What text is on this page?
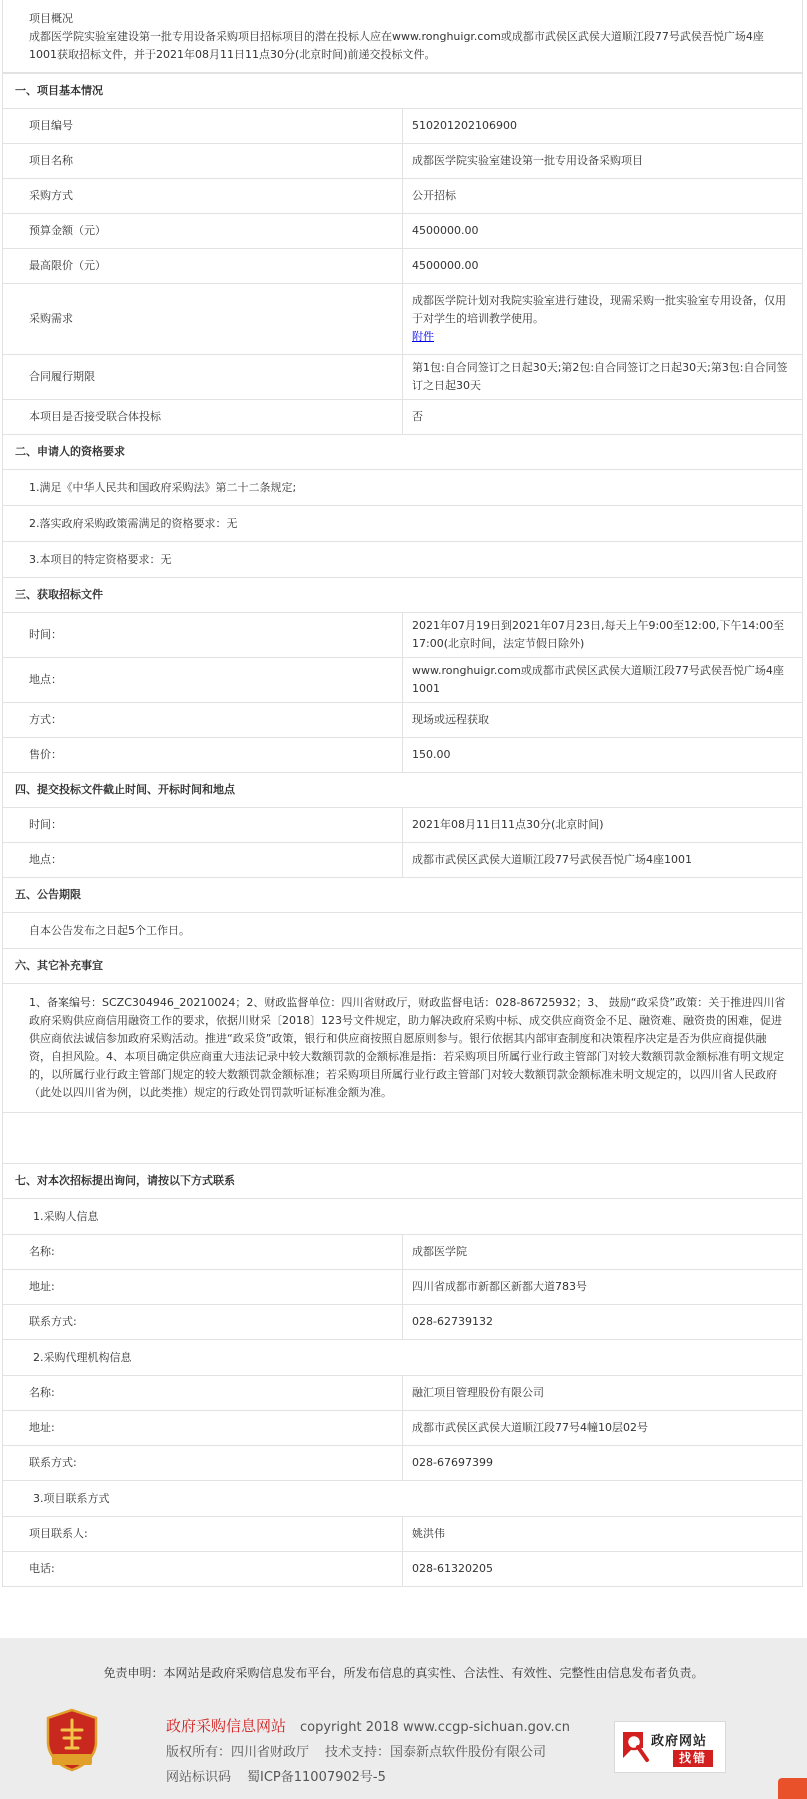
项目概况
成都医学院实验室建设第一批专用设备采购项目招标项目的潜在投标人应在www.ronghuigr.com或成都市武侯区武侯大道顺江段77号武侯吾悦广场4座1001获取招标文件，并于2021年08月11日11点30分(北京时间)前递交投标文件。
一、项目基本情况	
项目编号	510201202106900
项目名称	成都医学院实验室建设第一批专用设备采购项目
采购方式	公开招标
预算金额（元）	4500000.00
最高限价（元）	4500000.00
采购需求	成都医学院计划对我院实验室进行建设，现需采购一批实验室专用设备，仅用于对学生的培训教学使用。
附件
合同履行期限	第1包:自合同签订之日起30天;第2包:自合同签订之日起30天;第3包:自合同签订之日起30天
本项目是否接受联合体投标	否
二、申请人的资格要求	
1.满足《中华人民共和国政府采购法》第二十二条规定;	
2.落实政府采购政策需满足的资格要求：无	
3.本项目的特定资格要求：无	
三、获取招标文件	
时间：	2021年07月19日到2021年07月23日,每天上午9:00至12:00,下午14:00至17:00(北京时间，法定节假日除外)
地点：	www.ronghuigr.com或成都市武侯区武侯大道顺江段77号武侯吾悦广场4座1001
方式：	现场或远程获取
售价：	150.00
四、提交投标文件截止时间、开标时间和地点	
时间：	2021年08月11日11点30分(北京时间)
地点：	成都市武侯区武侯大道顺江段77号武侯吾悦广场4座1001
五、公告期限	
自本公告发布之日起5个工作日。	
六、其它补充事宜	
1、备案编号：SCZC304946_20210024；2、财政监督单位：四川省财政厅，财政监督电话：028-86725932；3、 鼓励“政采贷”政策：关于推进四川省政府采购供应商信用融资工作的要求，依据川财采〔2018〕123号文件规定，助力解决政府采购中标、成交供应商资金不足、融资难、融资贵的困难，促进供应商依法诚信参加政府采购活动。推进“政采贷”政策，银行和供应商按照自愿原则参与。银行依据其内部审查制度和决策程序决定是否为供应商提供融资，自担风险。4、本项目确定供应商重大违法记录中较大数额罚款的金额标准是指：若采购项目所属行业行政主管部门对较大数额罚款金额标准有明文规定的，以所属行业行政主管部门规定的较大数额罚款金额标准；若采购项目所属行业行政主管部门对较大数额罚款金额标准未明文规定的，以四川省人民政府（此处以四川省为例，以此类推）规定的行政处罚罚款听证标准金额为准。	

七、对本次招标提出询问，请按以下方式联系	
1.采购人信息	
名称:	成都医学院
地址:	四川省成都市新都区新都大道783号
联系方式:	028-62739132
2.采购代理机构信息	
名称:	融汇项目管理股份有限公司
地址:	成都市武侯区武侯大道顺江段77号4幢10层02号
联系方式:	028-67697399
3.项目联系方式	
项目联系人:	姚洪伟
电话:	028-61320205
免责申明：本网站是政府采购信息发布平台，所发布信息的真实性、合法性、有效性、完整性由信息发布者负责。
政府采购信息网站 copyright 2018 www.ccgp-sichuan.gov.cn
版权所有：四川省财政厅 技术支持：国泰新点软件股份有限公司
网站标识码 蜀ICP备11007902号-5
政府网站
找错
